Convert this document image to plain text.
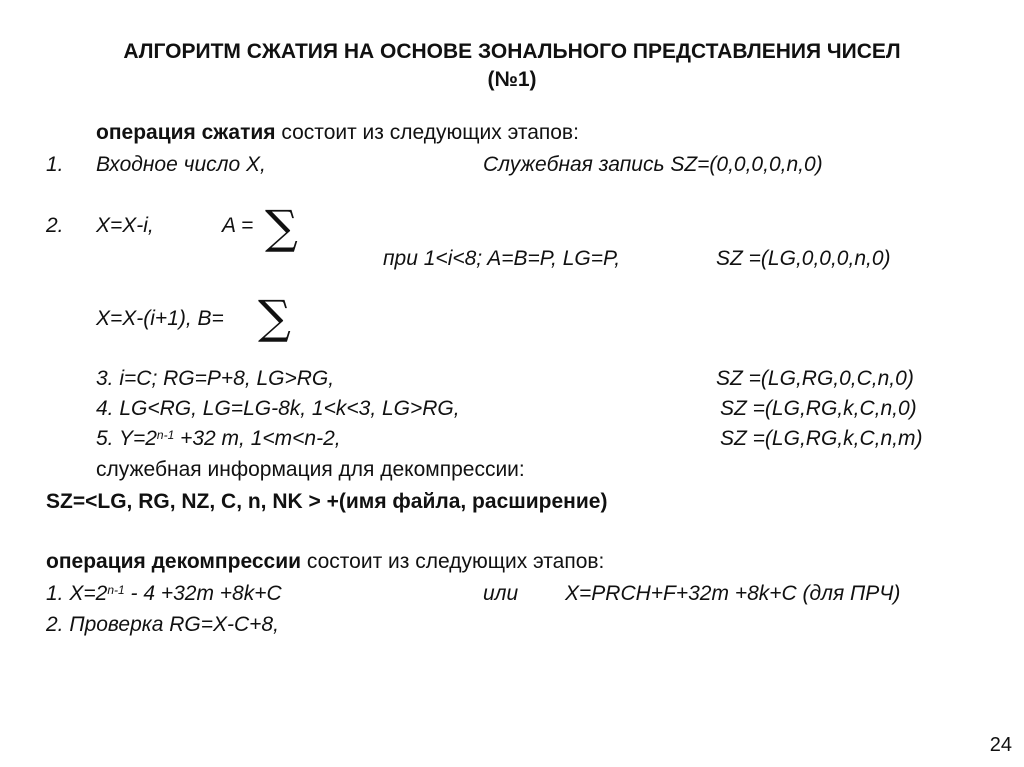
АЛГОРИТМ СЖАТИЯ НА ОСНОВЕ ЗОНАЛЬНОГО ПРЕДСТАВЛЕНИЯ ЧИСЕЛ
(№1)
операция сжатия состоит из следующих этапов:
1. Входное число X,	Служебная запись SZ=(0,0,0,0,n,0)
2. X=X-i,	A = ∑
при 1<i<8; A=B=P, LG=P,	SZ =(LG,0,0,0,n,0)
X=X-(i+1), B= ∑
3. i=C; RG=P+8, LG>RG,	SZ =(LG,RG,0,C,n,0)
4. LG<RG, LG=LG-8k, 1<k<3, LG>RG,	SZ =(LG,RG,k,C,n,0)
5. $Y=2^{n-1} +32$ m, 1<m<n-2,	SZ =(LG,RG,k,C,n,m)
служебная информация для декомпрессии:
SZ=<LG, RG, NZ, C, n, NK > +(имя файла, расширение)
операция декомпрессии состоит из следующих этапов:
1. $X=2^{n-1} - 4 +32m +8k+C$	или X=PRCH+F+32m +8k+C (для ПРЧ)
2. Проверка RG=X-C+8,
24
